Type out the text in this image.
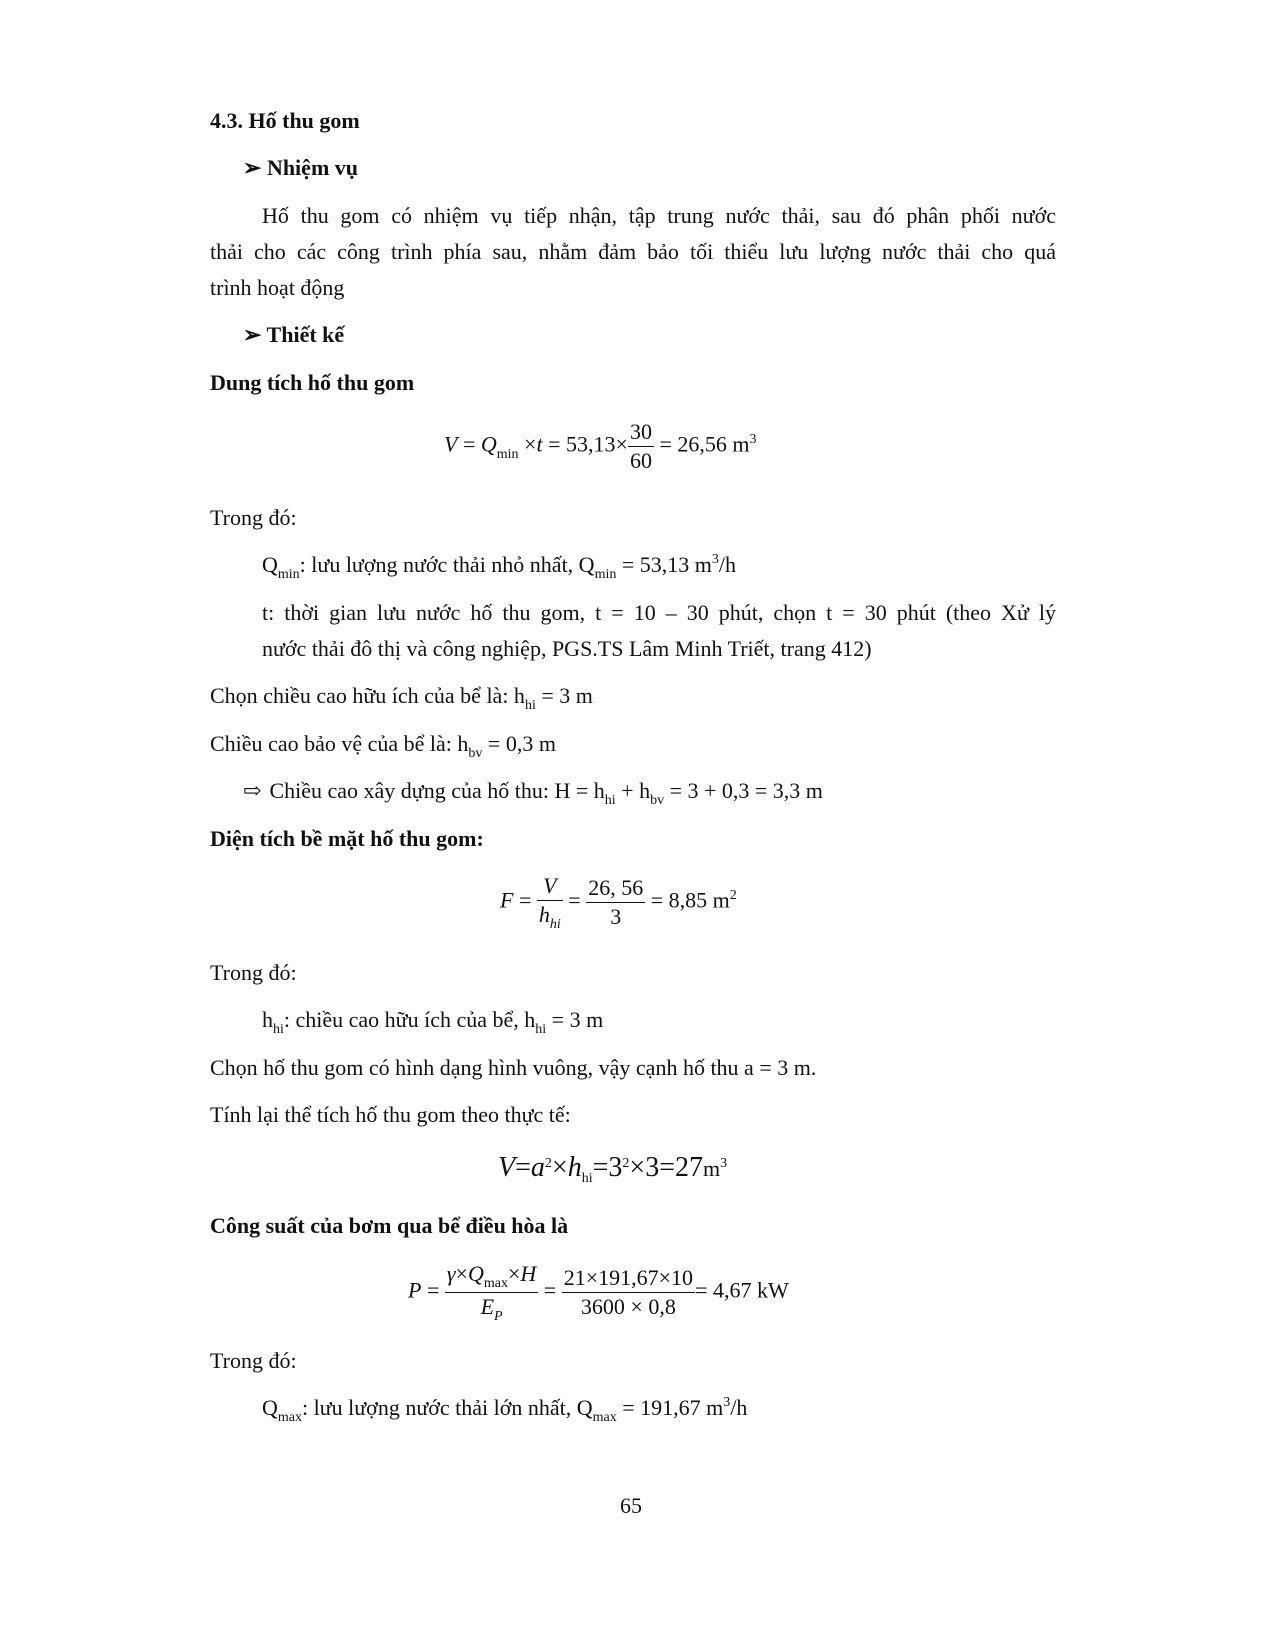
4.3. Hố thu gom
➢ Nhiệm vụ
Hố thu gom có nhiệm vụ tiếp nhận, tập trung nước thải, sau đó phân phối nước
thải cho các công trình phía sau, nhằm đảm bảo tối thiểu lưu lượng nước thải cho quá
trình hoạt động
➢ Thiết kế
Dung tích hố thu gom
$V = Q_{min} \times t = 53,13\times \frac{30}{60} = 26,56$ $m^3$
Trong đó:
$Q_{min}$: lưu lượng nước thải nhỏ nhất, $Q_{min} = 53,13$ $m^3/h$
t: thời gian lưu nước hố thu gom, t = 10 – 30 phút, chọn t = 30 phút (theo Xử lý
nước thải đô thị và công nghiệp, PGS.TS Lâm Minh Triết, trang 412)
Chọn chiều cao hữu ích của bể là: $h_{hi} = 3$ m
Chiều cao bảo vệ của bể là: $h_{bv} = 0,3$ m
⇨ Chiều cao xây dựng của hố thu: $H = h_{hi} + h_{bv} = 3 + 0,3 = 3,3$ m
Diện tích bề mặt hố thu gom:
$F = \frac{V}{h_{hi}} = \frac{26, 56}{3} = 8,85$ $m^2$
Trong đó:
$h_{hi}$: chiều cao hữu ích của bể, $h_{hi} = 3$ m
Chọn hố thu gom có hình dạng hình vuông, vậy cạnh hố thu a = 3 m.
Tính lại thể tích hố thu gom theo thực tế:
$V=a^2\times h_{hi}=3^2\times 3=27m^3$
Công suất của bơm qua bể điều hòa là
$P = \frac{\gamma\times Q_{max}\times H}{E_P} = \frac{21\times 191,67\times 10}{3600 \times 0,8} = 4,67$ kW
Trong đó:
$Q_{max}$: lưu lượng nước thải lớn nhất, $Q_{max} = 191,67$ $m^3/h$
65
